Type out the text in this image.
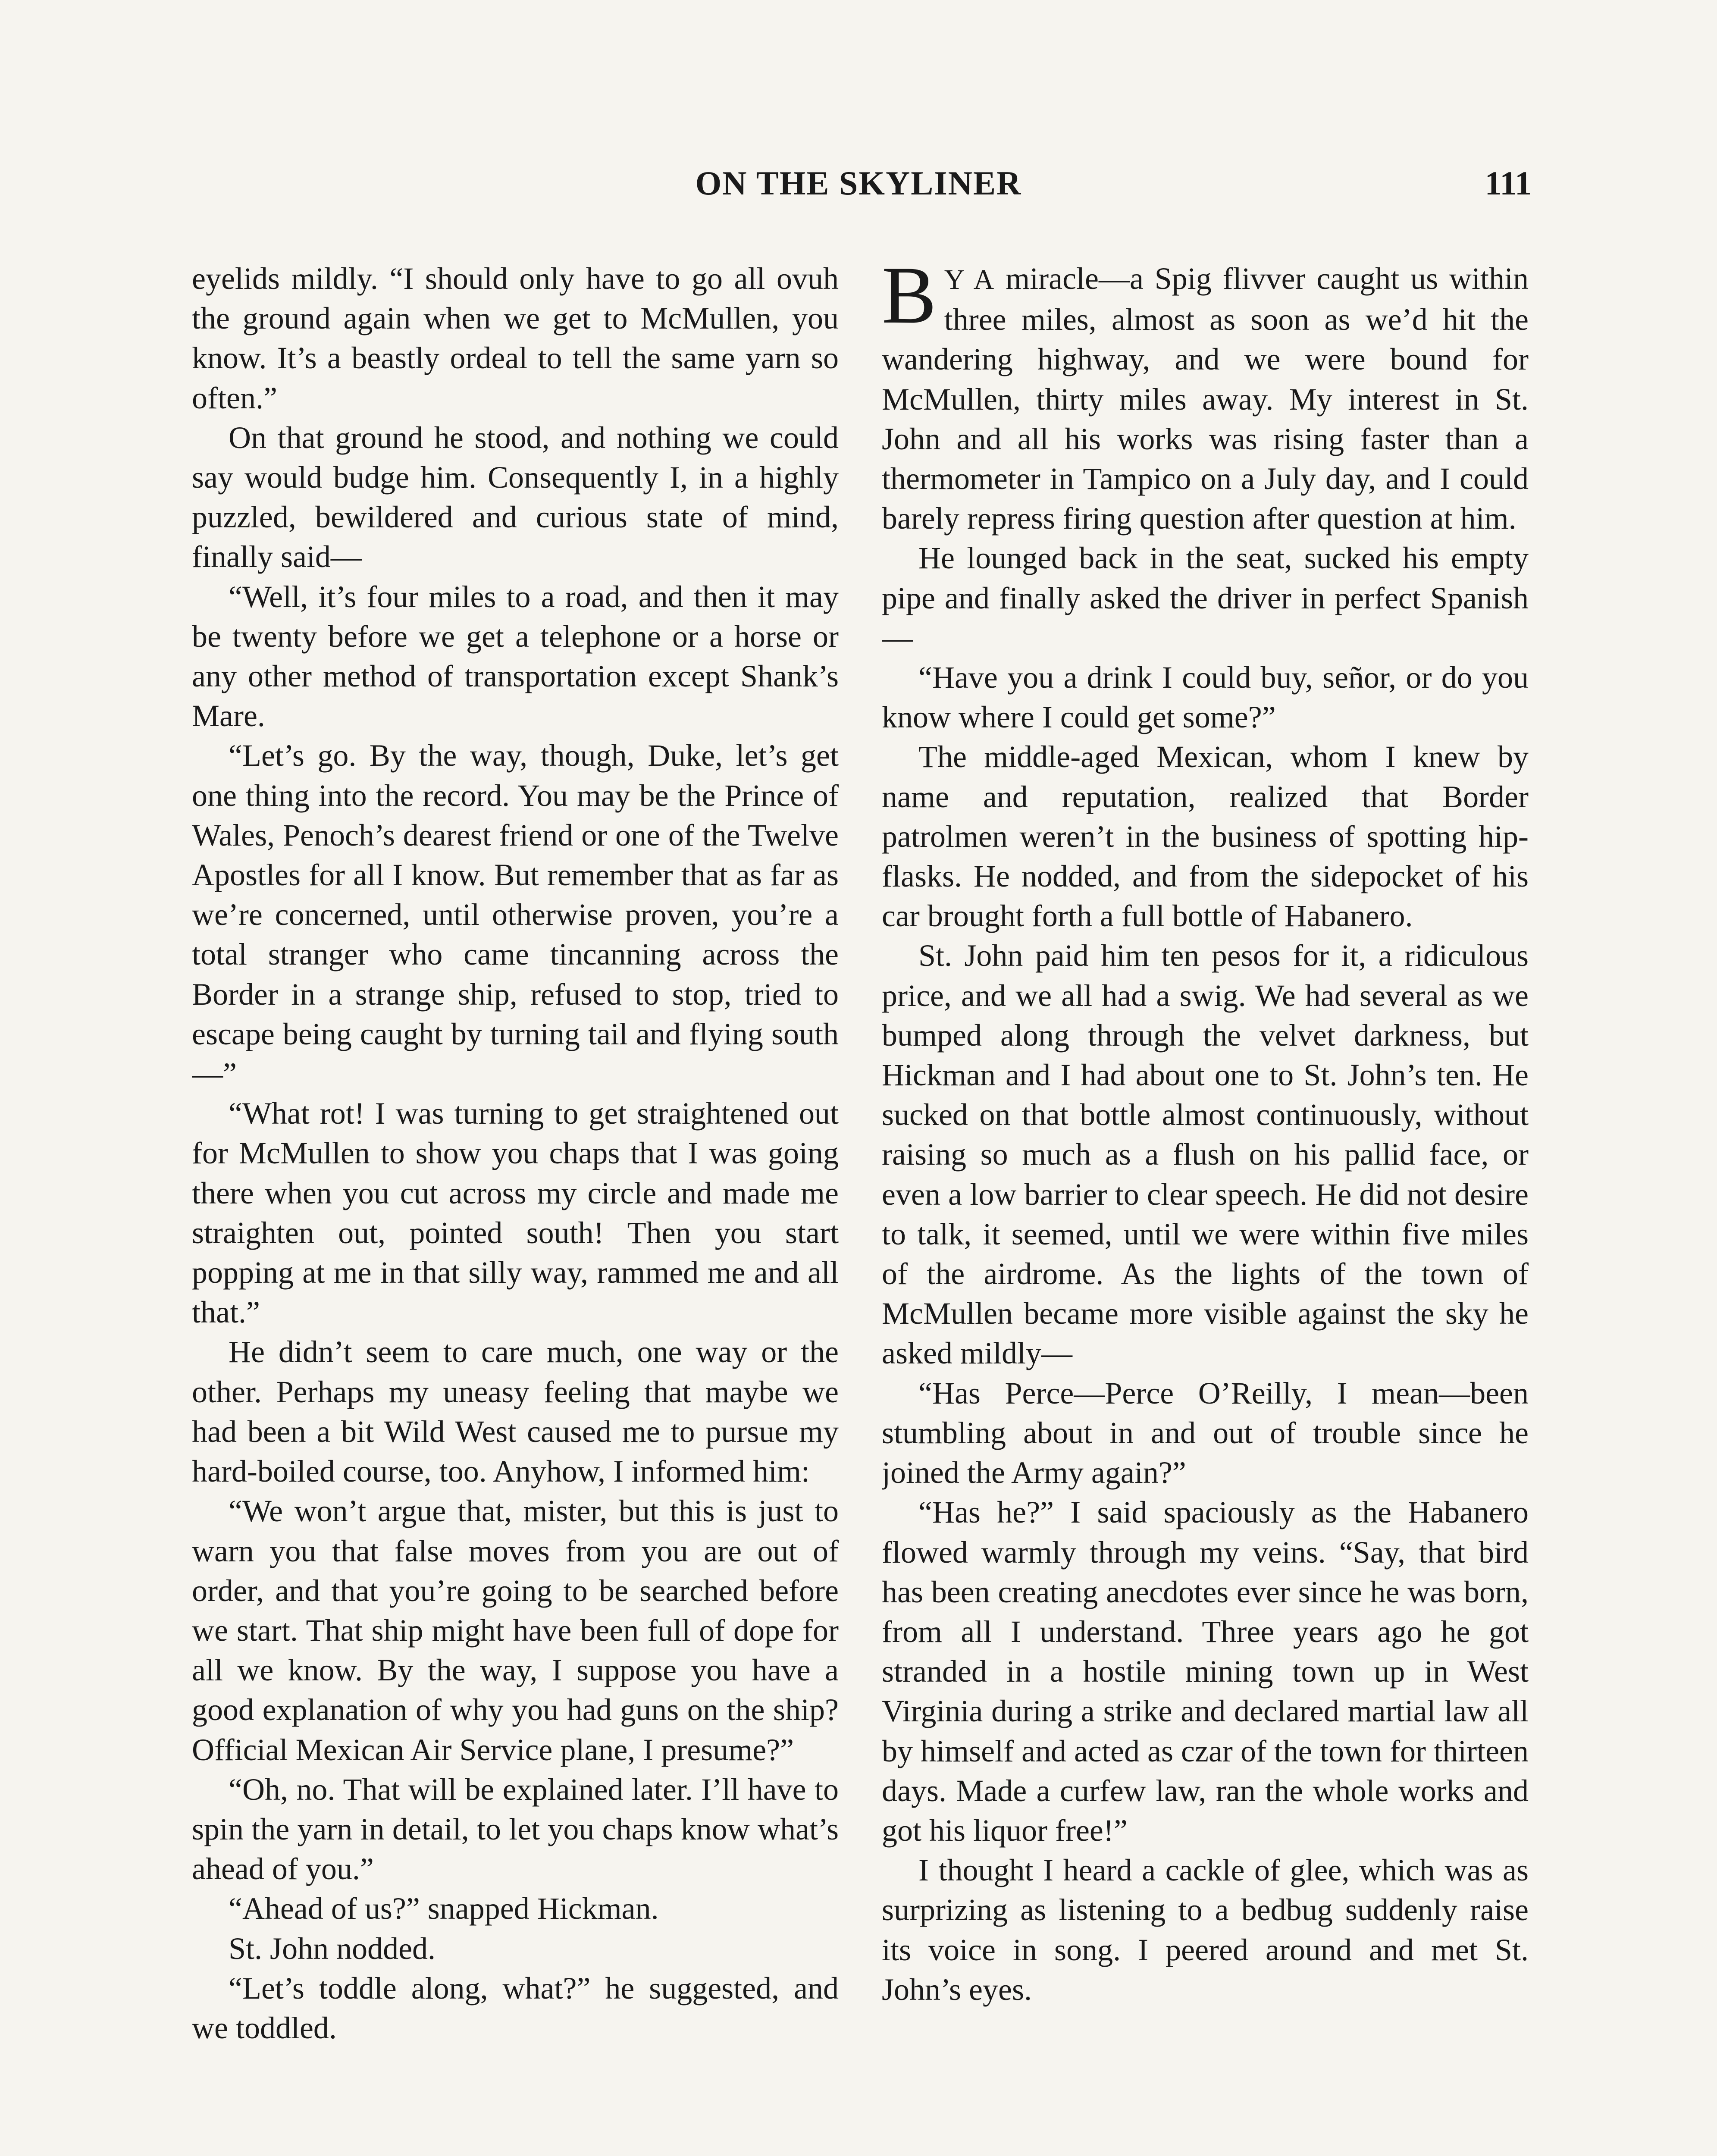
ON THE SKYLINER	111

eyelids mildly. “I should only have to go all ovuh the ground again when we get to McMullen, you know. It’s a beastly ordeal to tell the same yarn so often.”

On that ground he stood, and nothing we could say would budge him. Consequently I, in a highly puzzled, bewildered and curious state of mind, finally said—

“Well, it’s four miles to a road, and then it may be twenty before we get a telephone or a horse or any other method of transportation except Shank’s Mare.

“Let’s go. By the way, though, Duke, let’s get one thing into the record. You may be the Prince of Wales, Penoch’s dearest friend or one of the Twelve Apostles for all I know. But remember that as far as we’re concerned, until otherwise proven, you’re a total stranger who came tincanning across the Border in a strange ship, refused to stop, tried to escape being caught by turning tail and flying south—”

“What rot! I was turning to get straightened out for McMullen to show you chaps that I was going there when you cut across my circle and made me straighten out, pointed south! Then you start popping at me in that silly way, rammed me and all that.”

He didn’t seem to care much, one way or the other. Perhaps my uneasy feeling that maybe we had been a bit Wild West caused me to pursue my hard-boiled course, too. Anyhow, I informed him:

“We won’t argue that, mister, but this is just to warn you that false moves from you are out of order, and that you’re going to be searched before we start. That ship might have been full of dope for all we know. By the way, I suppose you have a good explanation of why you had guns on the ship? Official Mexican Air Service plane, I presume?”

“Oh, no. That will be explained later. I’ll have to spin the yarn in detail, to let you chaps know what’s ahead of you.”

“Ahead of us?” snapped Hickman.

St. John nodded.

“Let’s toddle along, what?” he suggested, and we toddled.

B Y A miracle—a Spig flivver caught us within three miles, almost as soon as we’d hit the wandering highway, and we were bound for McMullen, thirty miles away. My interest in St. John and all his works was rising faster than a thermometer in Tampico on a July day, and I could barely repress firing question after question at him.

He lounged back in the seat, sucked his empty pipe and finally asked the driver in perfect Spanish—

“Have you a drink I could buy, señor, or do you know where I could get some?”

The middle-aged Mexican, whom I knew by name and reputation, realized that Border patrolmen weren’t in the business of spotting hip-flasks. He nodded, and from the sidepocket of his car brought forth a full bottle of Habanero.

St. John paid him ten pesos for it, a ridiculous price, and we all had a swig. We had several as we bumped along through the velvet darkness, but Hickman and I had about one to St. John’s ten. He sucked on that bottle almost continuously, without raising so much as a flush on his pallid face, or even a low barrier to clear speech. He did not desire to talk, it seemed, until we were within five miles of the airdrome. As the lights of the town of McMullen became more visible against the sky he asked mildly—

“Has Perce—Perce O’Reilly, I mean—been stumbling about in and out of trouble since he joined the Army again?”

“Has he?” I said spaciously as the Habanero flowed warmly through my veins. “Say, that bird has been creating anecdotes ever since he was born, from all I understand. Three years ago he got stranded in a hostile mining town up in West Virginia during a strike and declared martial law all by himself and acted as czar of the town for thirteen days. Made a curfew law, ran the whole works and got his liquor free!”

I thought I heard a cackle of glee, which was as surprizing as listening to a bedbug suddenly raise its voice in song. I peered around and met St. John’s eyes.
